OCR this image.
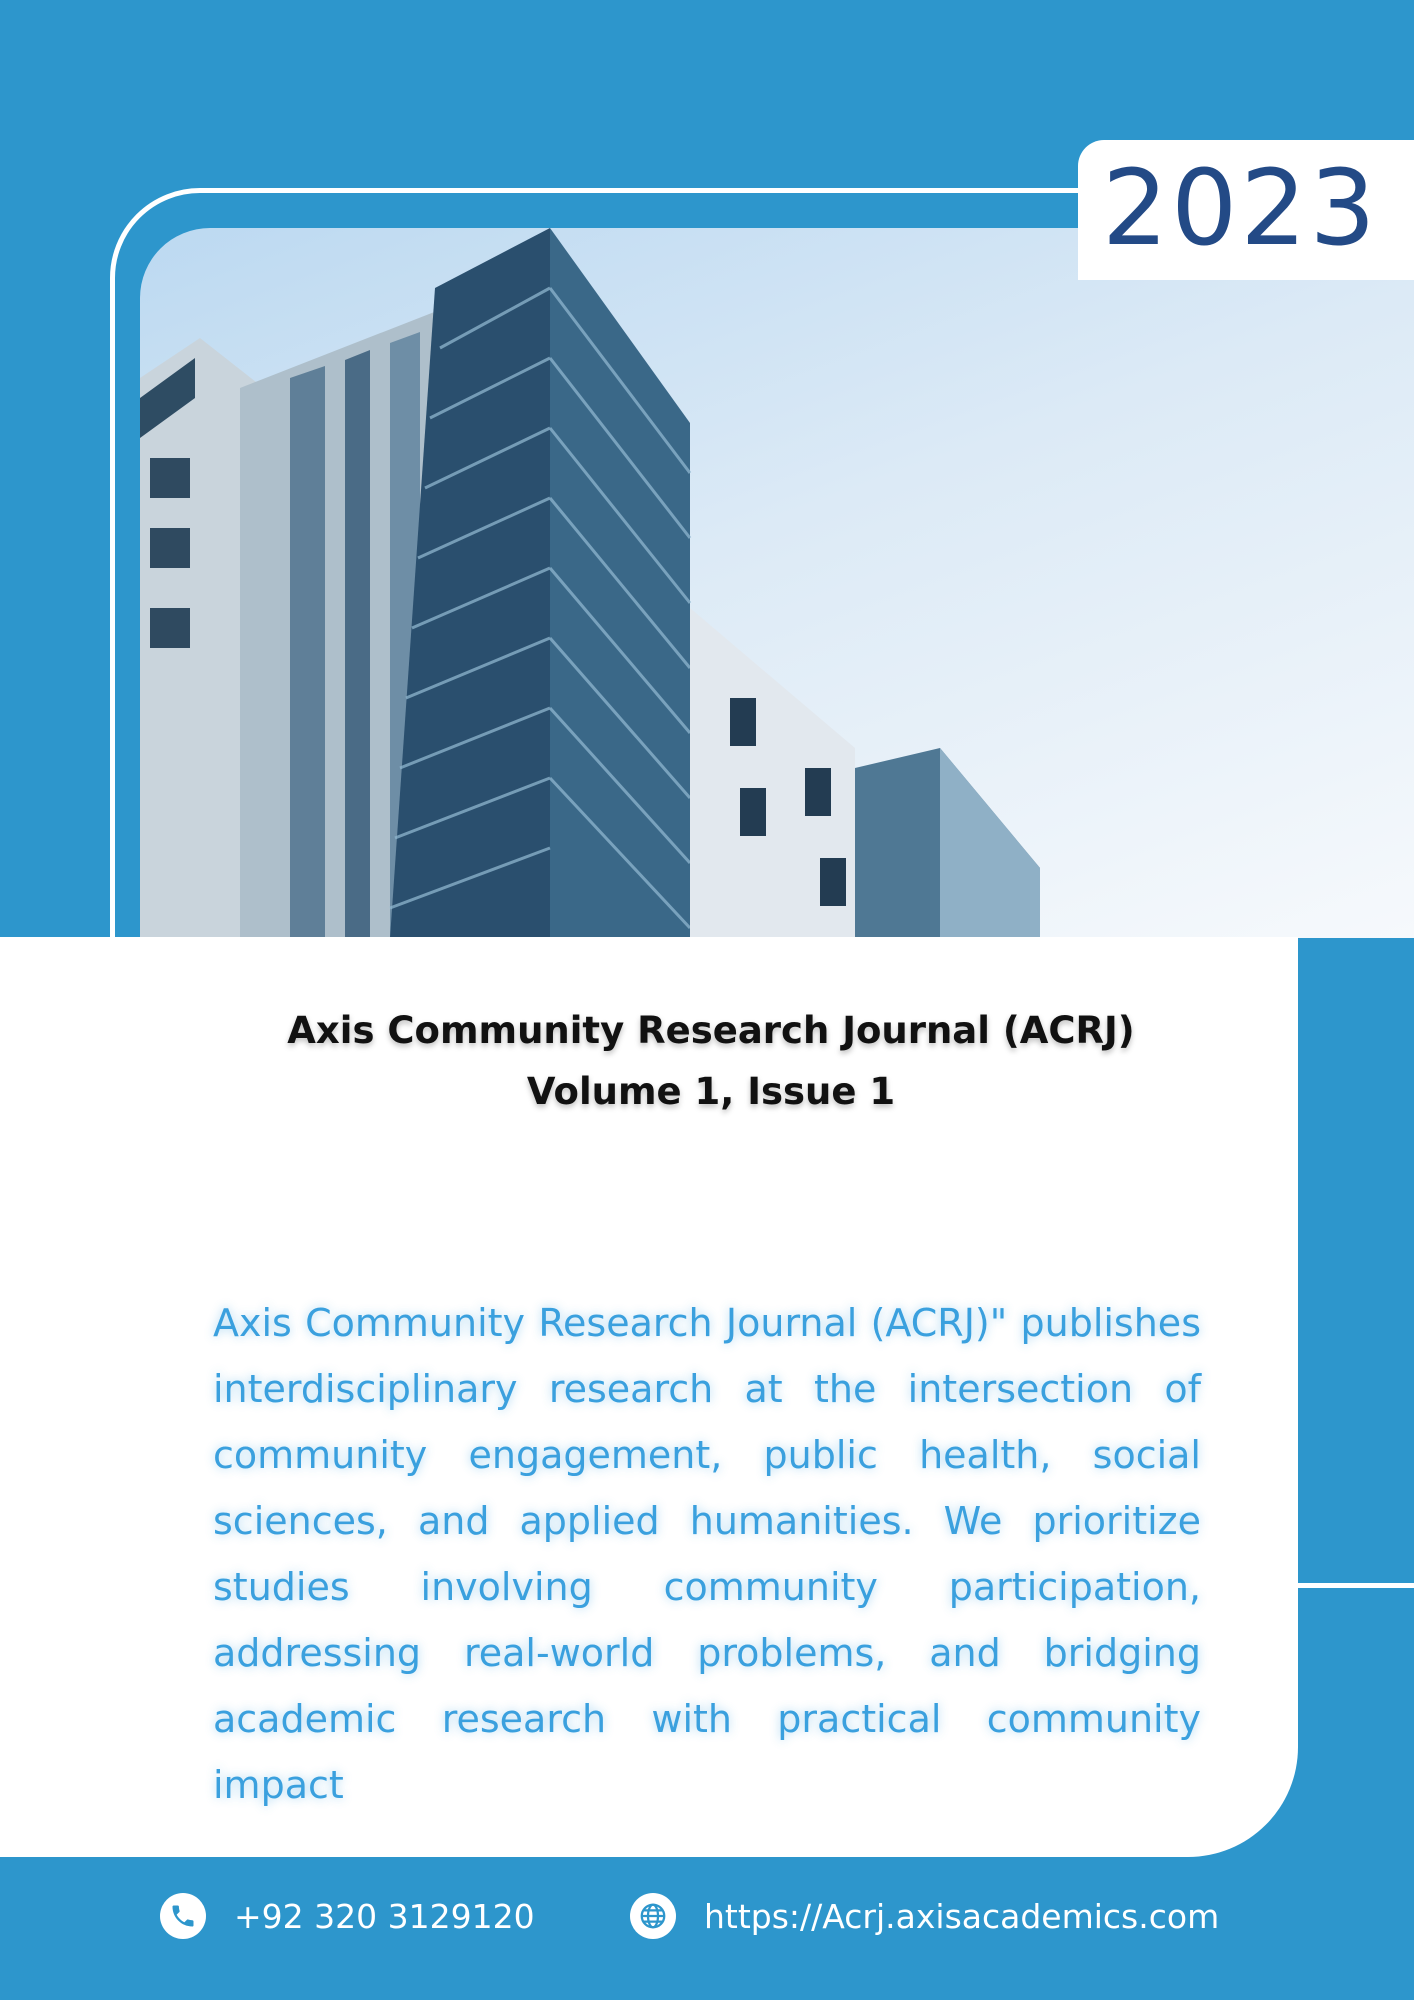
2023
Axis Community Research Journal (ACRJ)
Volume 1, Issue 1
Axis Community Research Journal (ACRJ)" publishes interdisciplinary research at the intersection of community engagement, public health, social sciences, and applied humanities. We prioritize studies involving community participation, addressing real-world problems, and bridging academic research with practical community impact
+92 320 3129120	https://Acrj.axisacademics.com
